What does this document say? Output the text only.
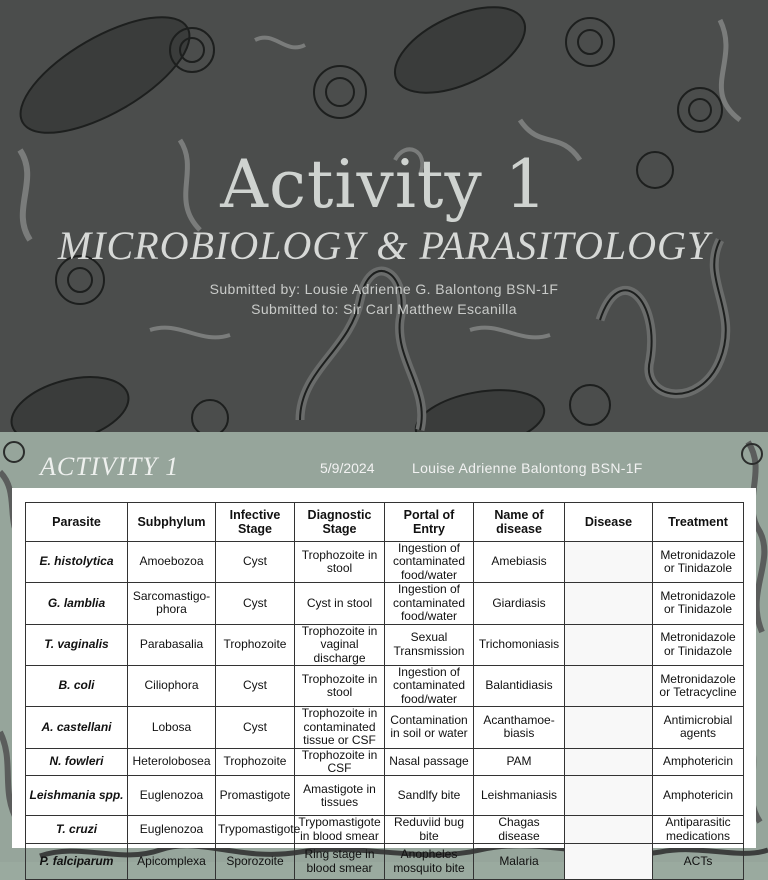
Activity 1
MICROBIOLOGY & PARASITOLOGY
Submitted by: Lousie Adrienne G. Balontong BSN-1F
Submitted to: Sir Carl Matthew Escanilla
ACTIVITY 1	5/9/2024	Louise Adrienne Balontong BSN-1F
Parasite	Subphylum	Infective Stage	Diagnostic Stage	Portal of Entry	Name of disease	Disease	Treatment
E. histolytica	Amoebozoa	Cyst	Trophozoite in stool	Ingestion of contaminated food/water	Amebiasis		Metronidazole or Tinidazole
G. lamblia	Sarcomastigo-phora	Cyst	Cyst in stool	Ingestion of contaminated food/water	Giardiasis		Metronidazole or Tinidazole
T. vaginalis	Parabasalia	Trophozoite	Trophozoite in vaginal discharge	Sexual Transmission	Trichomoniasis		Metronidazole or Tinidazole
B. coli	Ciliophora	Cyst	Trophozoite in stool	Ingestion of contaminated food/water	Balantidiasis		Metronidazole or Tetracycline
A. castellani	Lobosa	Cyst	Trophozoite in contaminated tissue or CSF	Contamination in soil or water	Acanthamoe-biasis		Antimicrobial agents
N. fowleri	Heterolobosea	Trophozoite	Trophozoite in CSF	Nasal passage	PAM		Amphotericin
Leishmania spp.	Euglenozoa	Promastigote	Amastigote in tissues	Sandlfy bite	Leishmaniasis		Amphotericin
T. cruzi	Euglenozoa	Trypomastigote	Trypomastigote in blood smear	Reduviid bug bite	Chagas disease		Antiparasitic medications
P. falciparum	Apicomplexa	Sporozoite	Ring stage in blood smear	Anopheles mosquito bite	Malaria		ACTs
